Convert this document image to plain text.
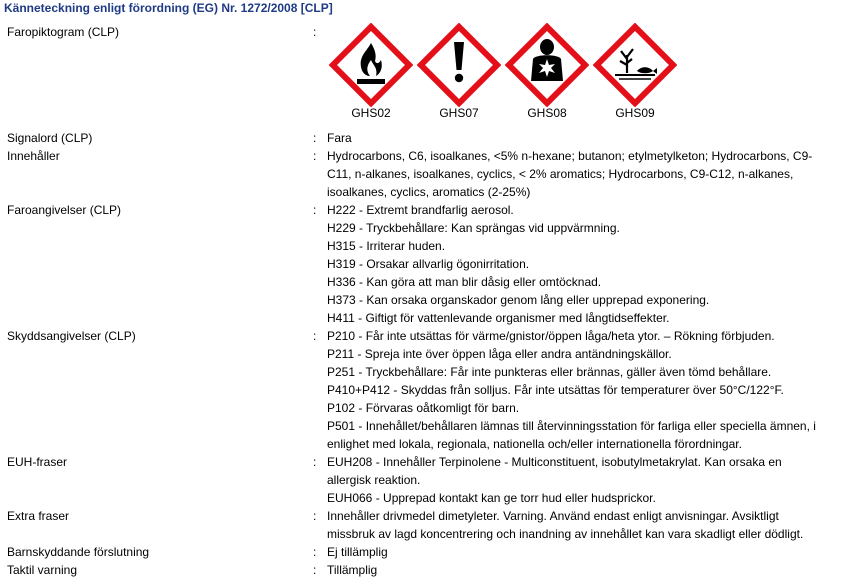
Känneteckning enligt förordning (EG) Nr. 1272/2008 [CLP]
Faropiktogram (CLP)	:
GHS02	GHS07	GHS08	GHS09
Signalord (CLP)	: Fara
Innehåller	: Hydrocarbons, C6, isoalkanes, <5% n-hexane; butanon; etylmetylketon; Hydrocarbons, C9-
C11, n-alkanes, isoalkanes, cyclics, < 2% aromatics; Hydrocarbons, C9-C12, n-alkanes,
isoalkanes, cyclics, aromatics (2-25%)
Faroangivelser (CLP)	: H222 - Extremt brandfarlig aerosol.
H229 - Tryckbehållare: Kan sprängas vid uppvärmning.
H315 - Irriterar huden.
H319 - Orsakar allvarlig ögonirritation.
H336 - Kan göra att man blir dåsig eller omtöcknad.
H373 - Kan orsaka organskador genom lång eller upprepad exponering.
H411 - Giftigt för vattenlevande organismer med långtidseffekter.
Skyddsangivelser (CLP)	: P210 - Får inte utsättas för värme/gnistor/öppen låga/heta ytor. – Rökning förbjuden.
P211 - Spreja inte över öppen låga eller andra antändningskällor.
P251 - Tryckbehållare: Får inte punkteras eller brännas, gäller även tömd behållare.
P410+P412 - Skyddas från solljus. Får inte utsättas för temperaturer över 50°C/122°F.
P102 - Förvaras oåtkomligt för barn.
P501 - Innehållet/behållaren lämnas till återvinningsstation för farliga eller speciella ämnen, i
enlighet med lokala, regionala, nationella och/eller internationella förordningar.
EUH-fraser	: EUH208 - Innehåller Terpinolene - Multiconstituent, isobutylmetakrylat. Kan orsaka en
allergisk reaktion.
EUH066 - Upprepad kontakt kan ge torr hud eller hudsprickor.
Extra fraser	: Innehåller drivmedel dimetyleter. Varning. Använd endast enligt anvisningar. Avsiktligt
missbruk av lagd koncentrering och inandning av innehållet kan vara skadligt eller dödligt.
Barnskyddande förslutning	: Ej tillämplig
Taktil varning	: Tillämplig
